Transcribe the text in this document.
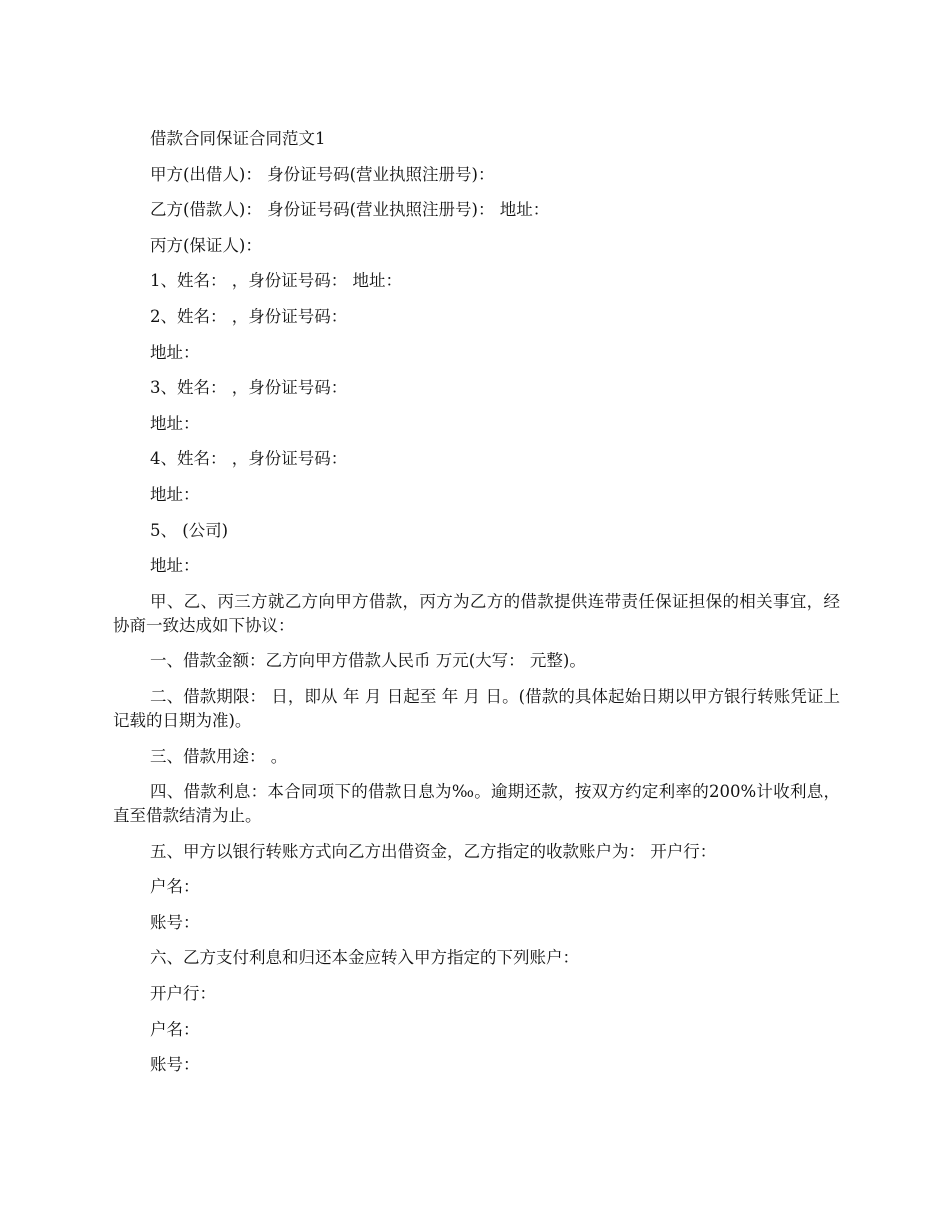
借款合同保证合同范文1

甲方(出借人)： 身份证号码(营业执照注册号)：

乙方(借款人)： 身份证号码(营业执照注册号)： 地址：

丙方(保证人)：

1、姓名： ，身份证号码： 地址：

2、姓名： ，身份证号码：

地址：

3、姓名： ，身份证号码：

地址：

4、姓名： ，身份证号码：

地址：

5、 (公司)

地址：

甲、乙、丙三方就乙方向甲方借款，丙方为乙方的借款提供连带责任保证担保的相关事宜，经协商一致达成如下协议：

一、借款金额：乙方向甲方借款人民币 万元(大写： 元整)。

二、借款期限： 日，即从 年 月 日起至 年 月 日。(借款的具体起始日期以甲方银行转账凭证上记载的日期为准)。

三、借款用途： 。

四、借款利息：本合同项下的借款日息为‰。逾期还款，按双方约定利率的200%计收利息，直至借款结清为止。

五、甲方以银行转账方式向乙方出借资金，乙方指定的收款账户为： 开户行：

户名：

账号：

六、乙方支付利息和归还本金应转入甲方指定的下列账户：

开户行：

户名：

账号：
